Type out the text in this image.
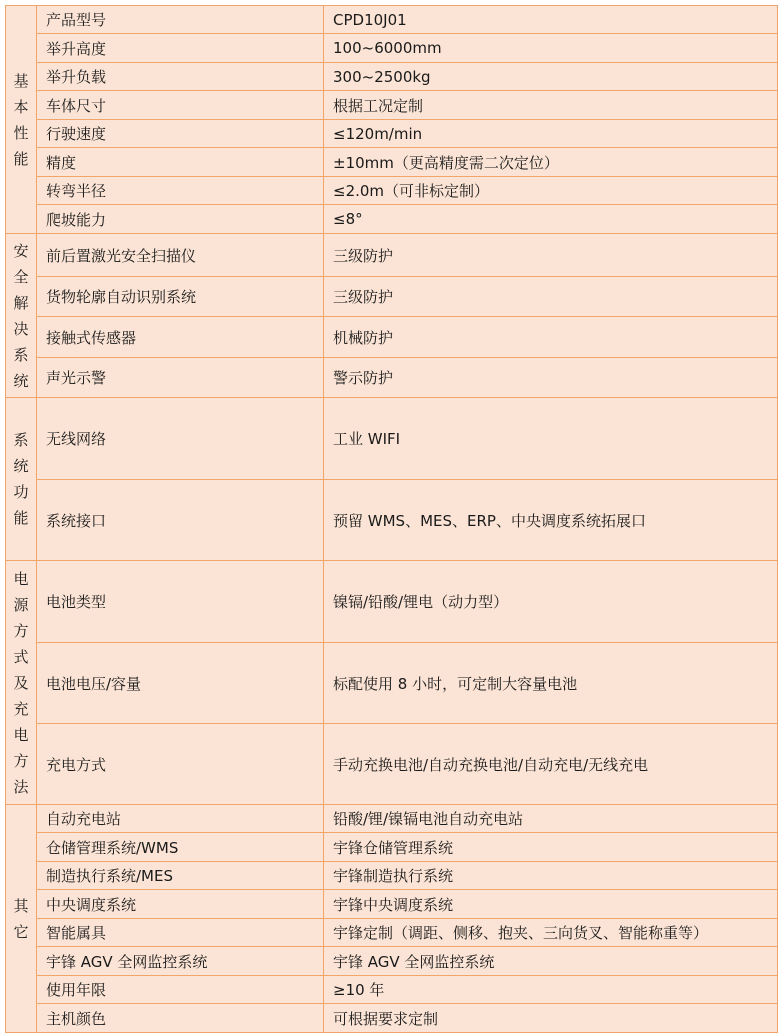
基本性能	产品型号	CPD10J01
	举升高度	100~6000mm
	举升负载	300~2500kg
	车体尺寸	根据工况定制
	行驶速度	≤120m/min
	精度	±10mm（更高精度需二次定位）
	转弯半径	≤2.0m（可非标定制）
	爬坡能力	≤8°
安全解决系统	前后置激光安全扫描仪	三级防护
	货物轮廓自动识别系统	三级防护
	接触式传感器	机械防护
	声光示警	警示防护
系统功能	无线网络	工业 WIFI
	系统接口	预留 WMS、MES、ERP、中央调度系统拓展口
电源方式及充电方法	电池类型	镍镉/铅酸/锂电（动力型）
	电池电压/容量	标配使用 8 小时，可定制大容量电池
	充电方式	手动充换电池/自动充换电池/自动充电/无线充电
其它	自动充电站	铅酸/锂/镍镉电池自动充电站
	仓储管理系统/WMS	宇锋仓储管理系统
	制造执行系统/MES	宇锋制造执行系统
	中央调度系统	宇锋中央调度系统
	智能属具	宇锋定制（调距、侧移、抱夹、三向货叉、智能称重等）
	宇锋 AGV 全网监控系统	宇锋 AGV 全网监控系统
	使用年限	≥10 年
	主机颜色	可根据要求定制
